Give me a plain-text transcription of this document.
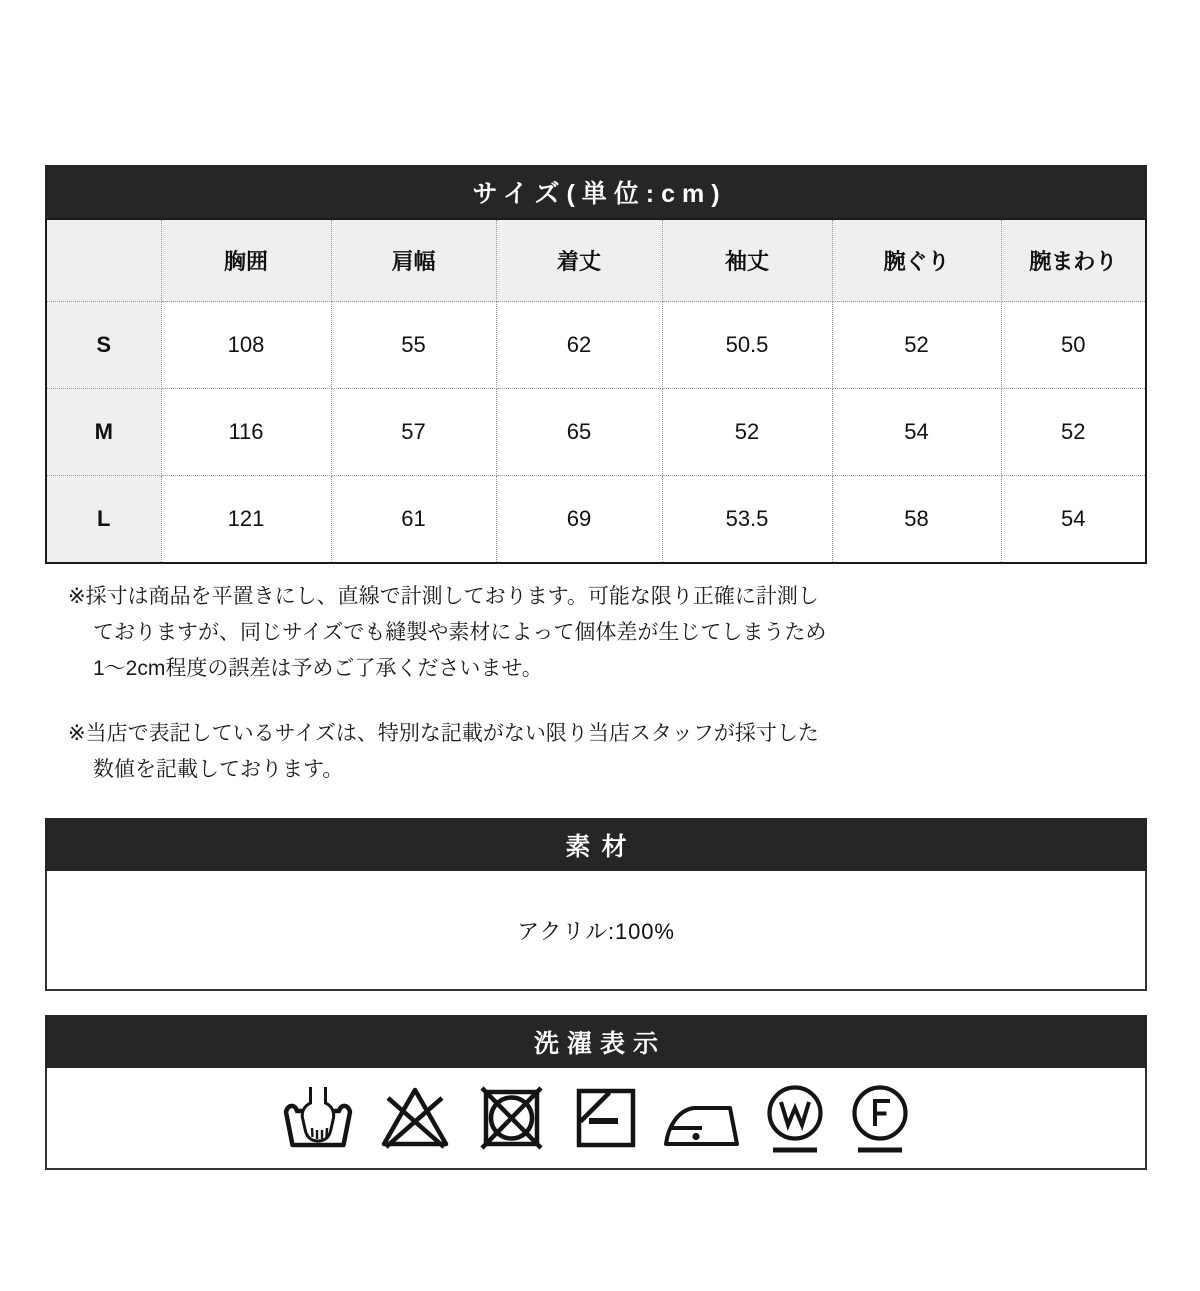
サイズ(単位:cm)
	胸囲	肩幅	着丈	袖丈	腕ぐり	腕まわり
S	108	55	62	50.5	52	50
M	116	57	65	52	54	52
L	121	61	69	53.5	58	54
※採寸は商品を平置きにし、直線で計測しております。可能な限り正確に計測し
ておりますが、同じサイズでも縫製や素材によって個体差が生じてしまうため
1〜2cm程度の誤差は予めご了承くださいませ。
※当店で表記しているサイズは、特別な記載がない限り当店スタッフが採寸した
数値を記載しております。
素材
アクリル:100%
洗濯表示
